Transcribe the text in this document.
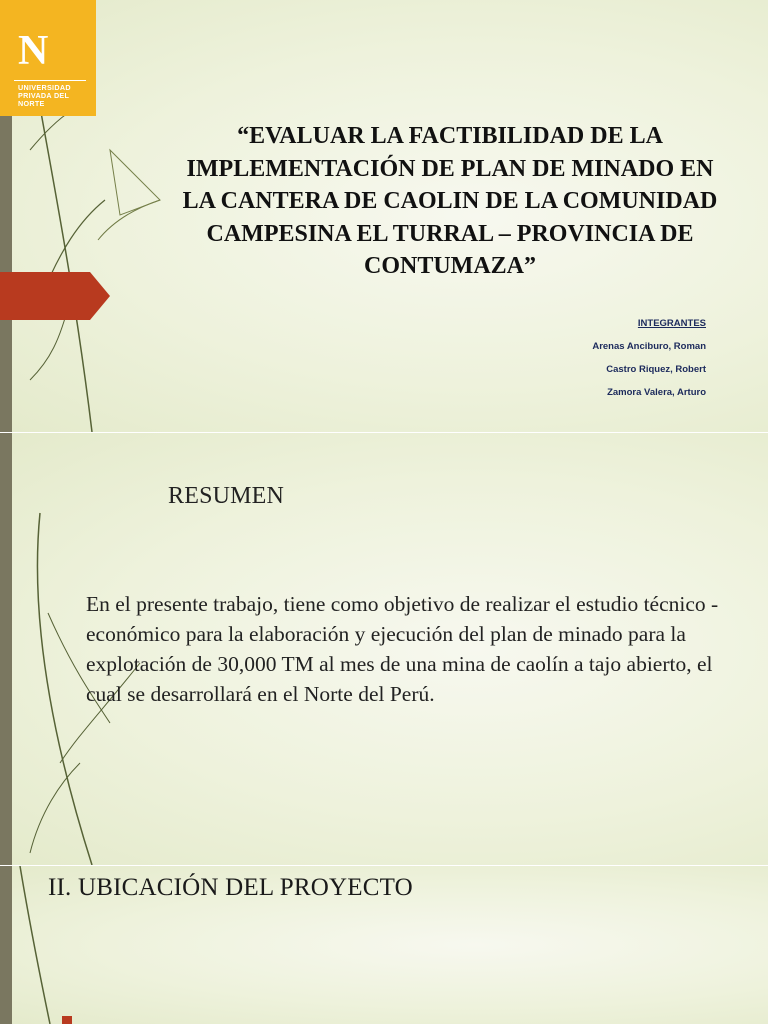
N
UNIVERSIDAD PRIVADA DEL NORTE
“EVALUAR LA FACTIBILIDAD DE LA IMPLEMENTACIÓN DE PLAN DE MINADO EN LA CANTERA DE CAOLIN DE LA COMUNIDAD CAMPESINA EL TURRAL – PROVINCIA DE CONTUMAZA”
INTEGRANTES
Arenas Anciburo, Roman
Castro Riquez, Robert
Zamora Valera, Arturo
RESUMEN
En el presente trabajo, tiene como objetivo de realizar el estudio técnico - económico para la elaboración y ejecución del plan de minado para la explotación de 30,000 TM al mes de una mina de caolín a tajo abierto, el cual se desarrollará en el Norte del Perú.
II. UBICACIÓN DEL PROYECTO
